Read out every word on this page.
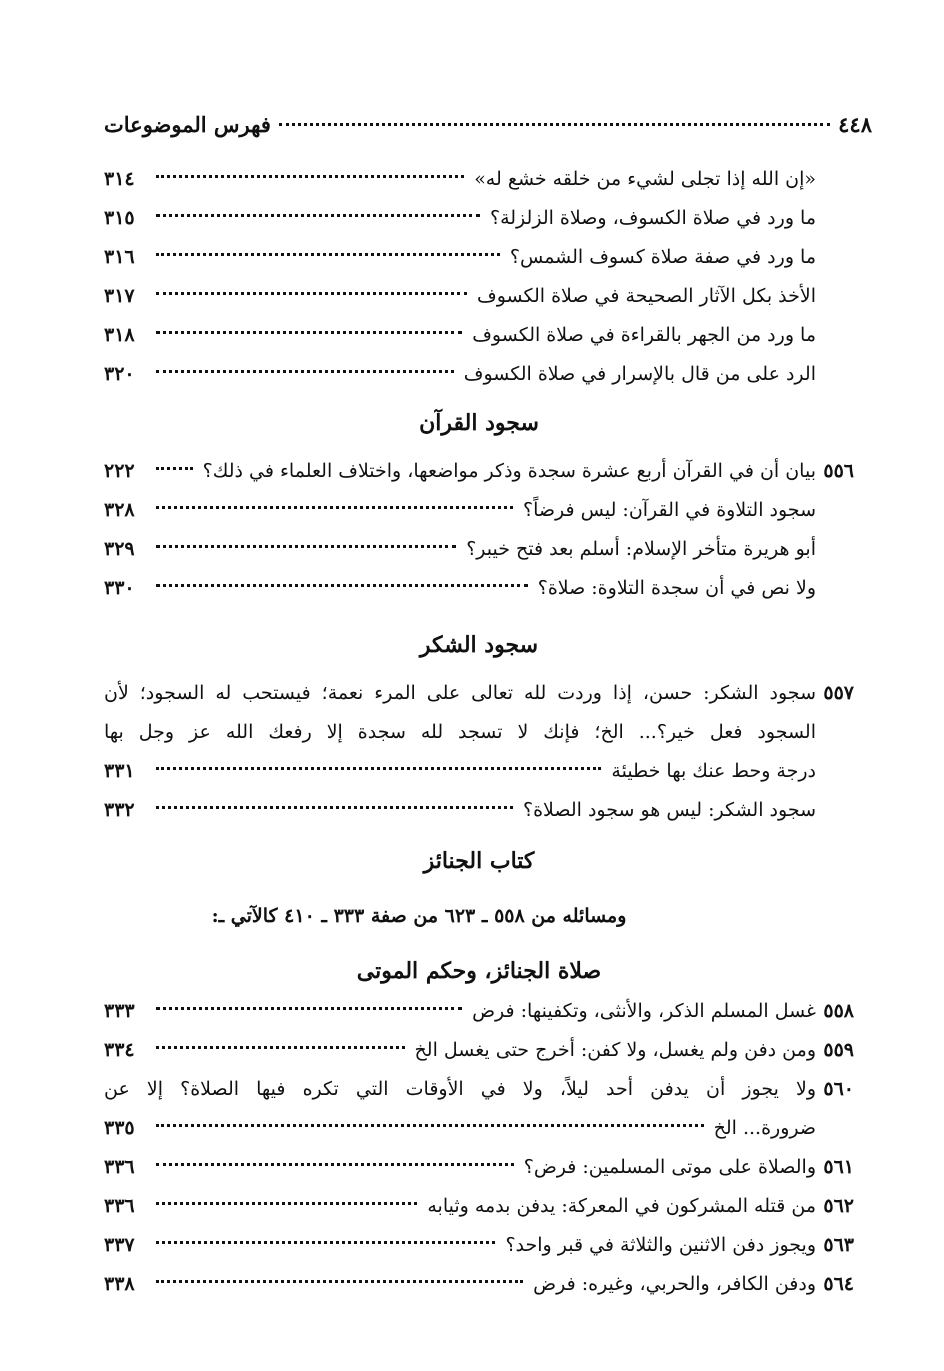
٤٤٨
فهرس الموضوعات
«إن الله إذا تجلى لشيء من خلقه خشع له»
٣١٤
ما ورد في صلاة الكسوف، وصلاة الزلزلة؟
٣١٥
ما ورد في صفة صلاة كسوف الشمس؟
٣١٦
الأخذ بكل الآثار الصحيحة في صلاة الكسوف
٣١٧
ما ورد من الجهر بالقراءة في صلاة الكسوف
٣١٨
الرد على من قال بالإسرار في صلاة الكسوف
٣٢٠
سجود القرآن
٥٥٦
بيان أن في القرآن أربع عشرة سجدة وذكر مواضعها، واختلاف العلماء في ذلك؟
٢٢٢
سجود التلاوة في القرآن: ليس فرضاً؟
٣٢٨
أبو هريرة متأخر الإسلام: أسلم بعد فتح خيبر؟
٣٢٩
ولا نص في أن سجدة التلاوة: صلاة؟
٣٣٠
سجود الشكر
٥٥٧
سجود الشكر: حسن، إذا وردت لله تعالى على المرء نعمة؛ فيستحب له السجود؛ لأن
السجود فعل خير؟... الخ؛ فإنك لا تسجد لله سجدة إلا رفعك الله عز وجل بها
درجة وحط عنك بها خطيئة
٣٣١
سجود الشكر: ليس هو سجود الصلاة؟
٣٣٢
كتاب الجنائز
ومسائله من ٥٥٨ ـ ٦٢٣ من صفة ٣٣٣ ـ ٤١٠ كالآتي ـ:
صلاة الجنائز، وحكم الموتى
٥٥٨
غسل المسلم الذكر، والأنثى، وتكفينها: فرض
٣٣٣
٥٥٩
ومن دفن ولم يغسل، ولا كفن: أخرج حتى يغسل الخ
٣٣٤
٥٦٠
ولا يجوز أن يدفن أحد ليلاً، ولا في الأوقات التي تكره فيها الصلاة؟ إلا عن
ضرورة... الخ
٣٣٥
٥٦١
والصلاة على موتى المسلمين: فرض؟
٣٣٦
٥٦٢
من قتله المشركون في المعركة: يدفن بدمه وثيابه
٣٣٦
٥٦٣
ويجوز دفن الاثنين والثلاثة في قبر واحد؟
٣٣٧
٥٦٤
ودفن الكافر، والحربي، وغيره: فرض
٣٣٨
